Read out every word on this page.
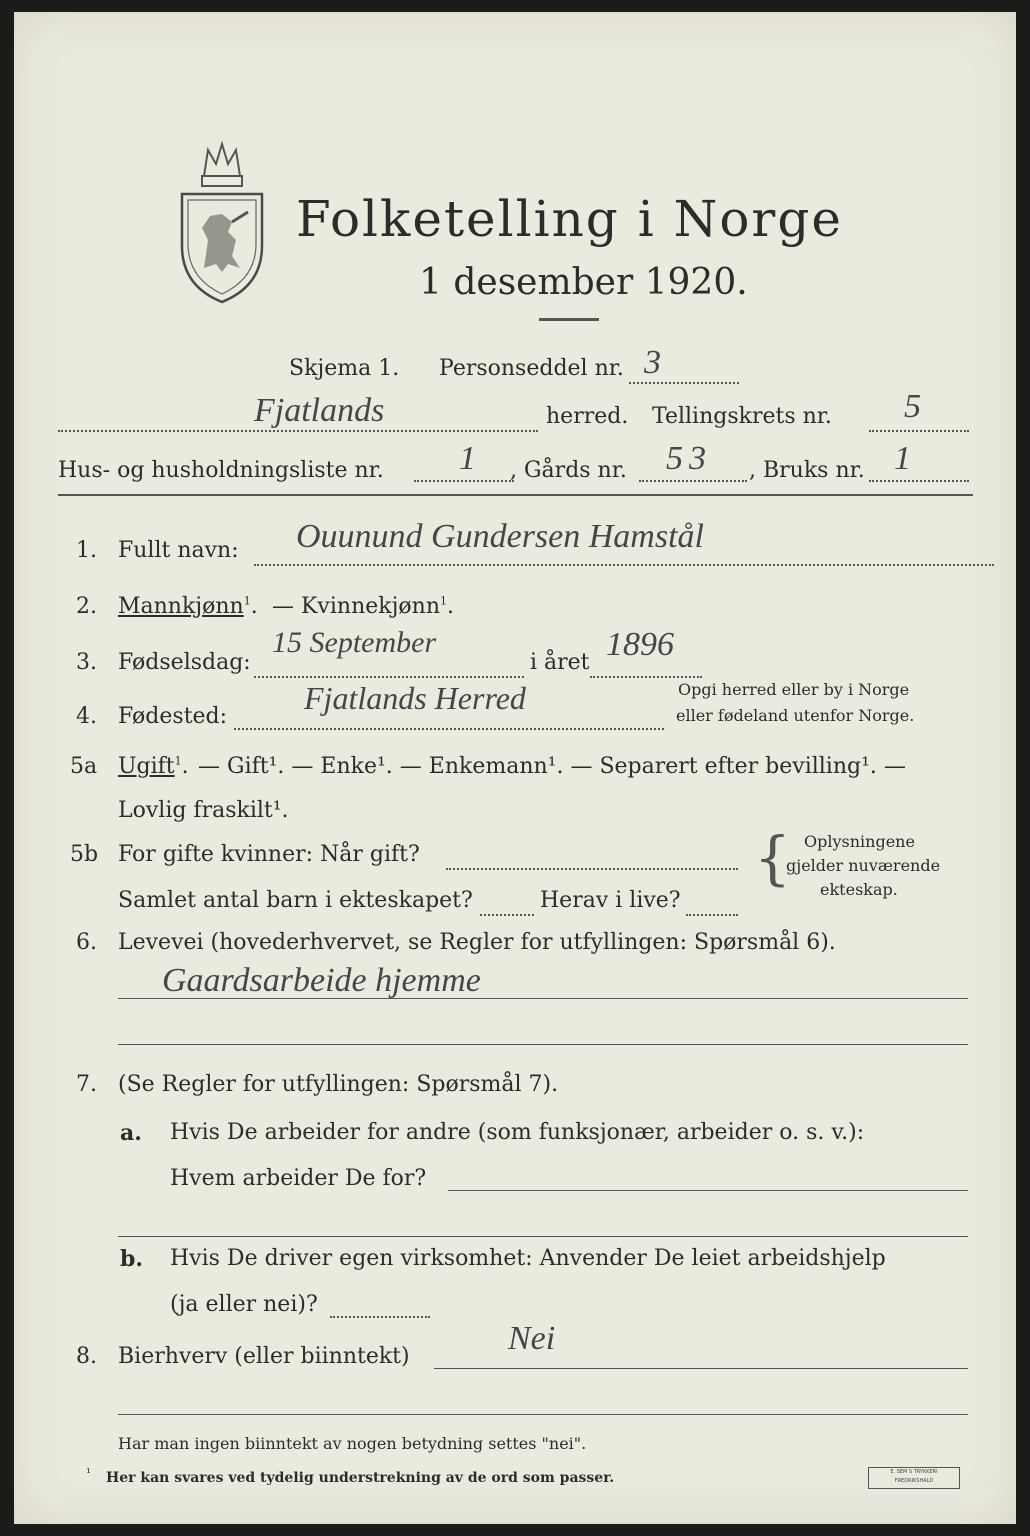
Folketelling i Norge
1 desember 1920.
Skjema 1. Personseddel nr. 3
Fjatlands	herred. Tellingskrets nr. 5
Hus- og husholdningsliste nr. 1 , Gårds nr. 53 , Bruks nr. 1
1. Fullt navn: Ouunund Gundersen Hamstål
2. Mannkjønn$^1$. — Kvinnekjønn$^1$.
3. Fødselsdag:
15 September
i året 1896
4. Fødested:
Fjatlands Herred	Opgi herred eller by i Norge
eller fødeland utenfor Norge.
5a Ugift$^1$. — Gift¹. — Enke¹. — Enkemann¹. — Separert efter bevilling¹. —
Lovlig fraskilt¹.
5b For gifte kvinner: Når gift?
Samlet antal barn i ekteskapet?	Herav i live?
{ Oplysningene
gjelder nuværende
ekteskap.
6. Levevei (hovederhvervet, se Regler for utfyllingen: Spørsmål 6).
Gaardsarbeide hjemme
7. (Se Regler for utfyllingen: Spørsmål 7).
a. Hvis De arbeider for andre (som funksjonær, arbeider o. s. v.):
Hvem arbeider De for?
b. Hvis De driver egen virksomhet: Anvender De leiet arbeidshjelp
(ja eller nei)?
8. Bierhverv (eller biinntekt)	Nei
Har man ingen biinntekt av nogen betydning settes "nei".
¹ Her kan svares ved tydelig understrekning av de ord som passer.	E. SEM S TRYKKERI
FREDRIKSHALD
